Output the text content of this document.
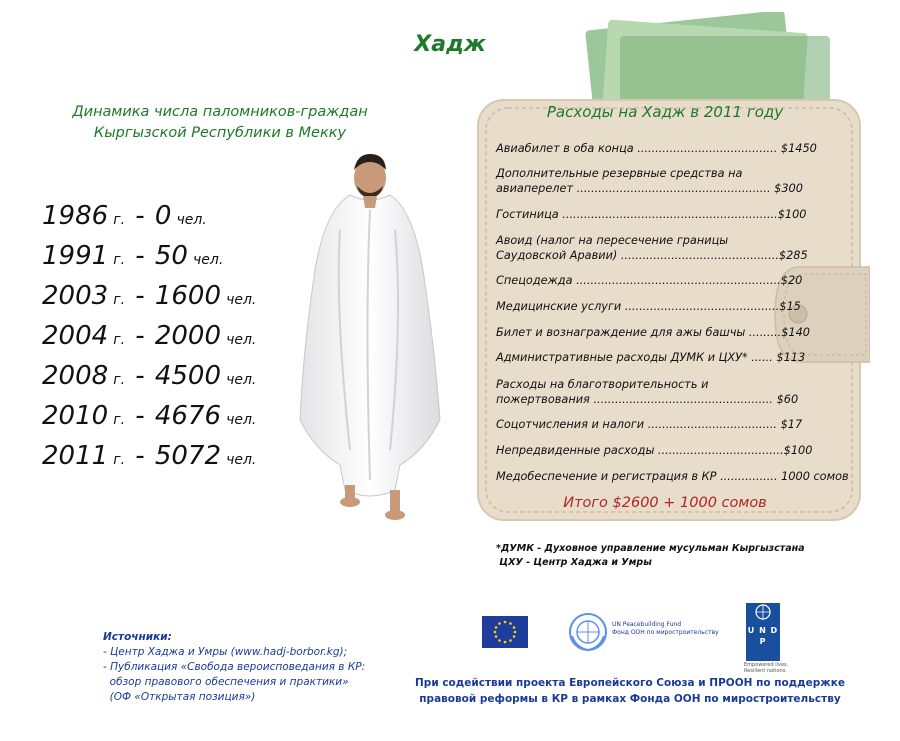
Хадж
Динамика числа паломников-граждан
Кыргызской Республики в Мекку
1986 г. - 0 чел.
1991 г. - 50 чел.
2003 г. - 1600 чел.
2004 г. - 2000 чел.
2008 г. - 4500 чел.
2010 г. - 4676 чел.
2011 г. - 5072 чел.
Расходы на Хадж в 2011 году
Авиабилет в оба конца ....................................... $1450
Дополнительные резервные средства на
авиаперелет ...................................................... $300
Гостиница ............................................................$100
Авоид (налог на пересечение границы
Саудовской Аравии) ............................................$285
Спецодежда .........................................................$20
Медицинские услуги ...........................................$15
Билет и вознаграждение для ажы башчы .........$140
Административные расходы ДУМК и ЦХУ* ...... $113
Расходы на благотворительность и
пожертвования .................................................. $60
Соцотчисления и налоги .................................... $17
Непредвиденные расходы ...................................$100
Медобеспечение и регистрация в КР ................ 1000 сомов
Итого $2600 + 1000 сомов
*ДУМК - Духовное управление мусульман Кыргызстана
ЦХУ - Центр Хаджа и Умры
Источники:
- Центр Хаджа и Умры (www.hadj-borbor.kg);
- Публикация «Свобода вероисповедания в КР:
обзор правового обеспечения и практики»
(ОФ «Открытая позиция»)
UN Peacebuilding Fund
Фонд ООН по миростроительству	U N D P
Empowered lives.
Resilient nations.
При содействии проекта Европейского Союза и ПРООН по поддержке правовой реформы в КР в рамках Фонда ООН по миростроительству
